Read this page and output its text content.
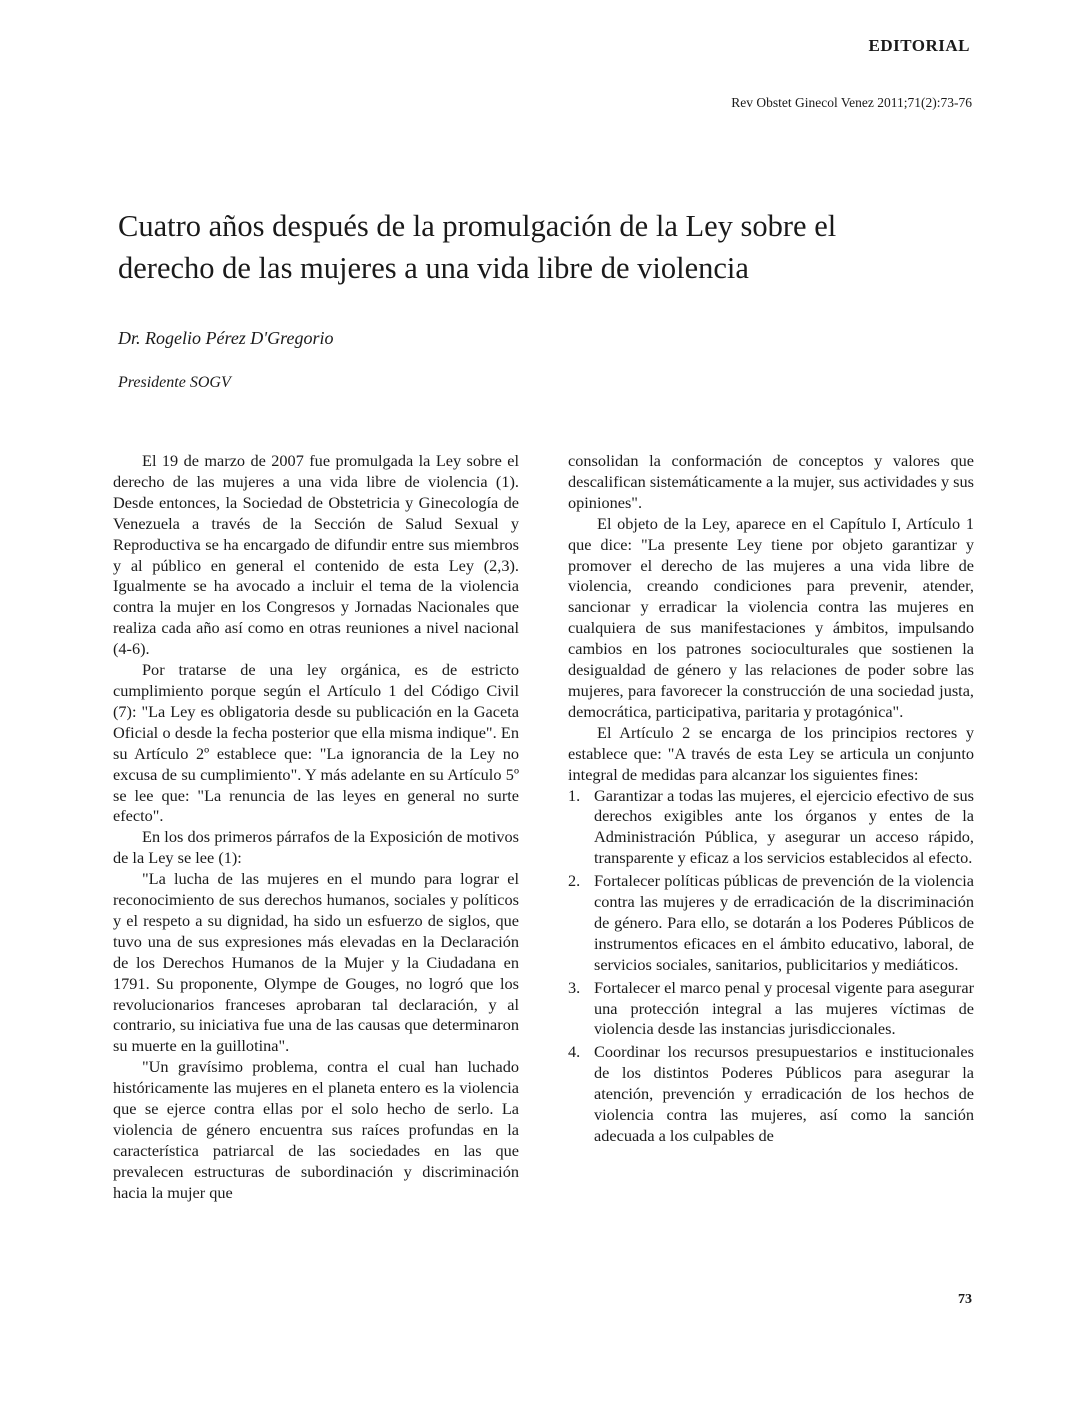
EDITORIAL
Rev Obstet Ginecol Venez 2011;71(2):73-76
Cuatro años después de la promulgación de la Ley sobre el
derecho de las mujeres a una vida libre de violencia
Dr. Rogelio Pérez D'Gregorio
Presidente SOGV

El 19 de marzo de 2007 fue promulgada la Ley sobre el derecho de las mujeres a una vida libre de violencia (1). Desde entonces, la Sociedad de Obstetricia y Ginecología de Venezuela a través de la Sección de Salud Sexual y Reproductiva se ha encargado de difundir entre sus miembros y al público en general el contenido de esta Ley (2,3). Igualmente se ha avocado a incluir el tema de la violencia contra la mujer en los Congresos y Jornadas Nacionales que realiza cada año así como en otras reuniones a nivel nacional (4-6).

Por tratarse de una ley orgánica, es de estricto cumplimiento porque según el Artículo 1 del Código Civil (7): "La Ley es obligatoria desde su publicación en la Gaceta Oficial o desde la fecha posterior que ella misma indique". En su Artículo 2º establece que: "La ignorancia de la Ley no excusa de su cumplimiento". Y más adelante en su Artículo 5º se lee que: "La renuncia de las leyes en general no surte efecto".

En los dos primeros párrafos de la Exposición de motivos de la Ley se lee (1):

"La lucha de las mujeres en el mundo para lograr el reconocimiento de sus derechos humanos, sociales y políticos y el respeto a su dignidad, ha sido un esfuerzo de siglos, que tuvo una de sus expresiones más elevadas en la Declaración de los Derechos Humanos de la Mujer y la Ciudadana en 1791. Su proponente, Olympe de Gouges, no logró que los revolucionarios franceses aprobaran tal declaración, y al contrario, su iniciativa fue una de las causas que determinaron su muerte en la guillotina".

"Un gravísimo problema, contra el cual han luchado históricamente las mujeres en el planeta entero es la violencia que se ejerce contra ellas por el solo hecho de serlo. La violencia de género encuentra sus raíces profundas en la característica patriarcal de las sociedades en las que prevalecen estructuras de subordinación y discriminación hacia la mujer que

consolidan la conformación de conceptos y valores que descalifican sistemáticamente a la mujer, sus actividades y sus opiniones".

El objeto de la Ley, aparece en el Capítulo I, Artículo 1 que dice: "La presente Ley tiene por objeto garantizar y promover el derecho de las mujeres a una vida libre de violencia, creando condiciones para prevenir, atender, sancionar y erradicar la violencia contra las mujeres en cualquiera de sus manifestaciones y ámbitos, impulsando cambios en los patrones socioculturales que sostienen la desigualdad de género y las relaciones de poder sobre las mujeres, para favorecer la construcción de una sociedad justa, democrática, participativa, paritaria y protagónica".

El Artículo 2 se encarga de los principios rectores y establece que: "A través de esta Ley se articula un conjunto integral de medidas para alcanzar los siguientes fines:

1. Garantizar a todas las mujeres, el ejercicio efectivo de sus derechos exigibles ante los órganos y entes de la Administración Pública, y asegurar un acceso rápido, transparente y eficaz a los servicios establecidos al efecto.
2. Fortalecer políticas públicas de prevención de la violencia contra las mujeres y de erradicación de la discriminación de género. Para ello, se dotarán a los Poderes Públicos de instrumentos eficaces en el ámbito educativo, laboral, de servicios sociales, sanitarios, publicitarios y mediáticos.
3. Fortalecer el marco penal y procesal vigente para asegurar una protección integral a las mujeres víctimas de violencia desde las instancias jurisdiccionales.
4. Coordinar los recursos presupuestarios e institucionales de los distintos Poderes Públicos para asegurar la atención, prevención y erradicación de los hechos de violencia contra las mujeres, así como la sanción adecuada a los culpables de
73
